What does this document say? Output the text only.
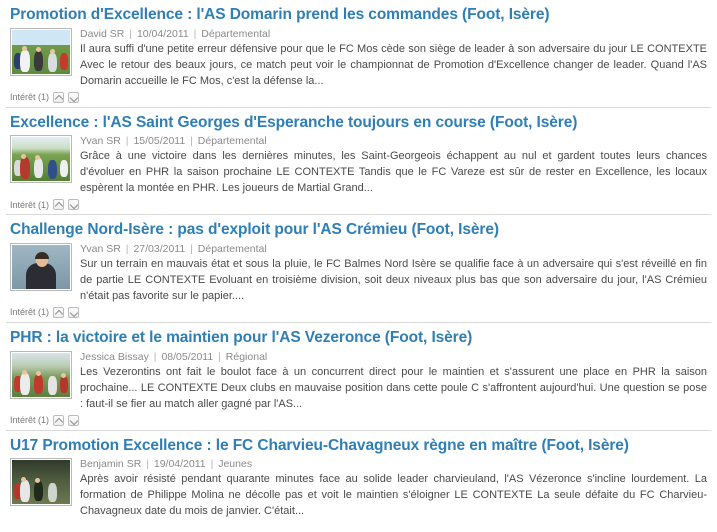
Promotion d'Excellence : l'AS Domarin prend les commandes (Foot, Isère)
David SR | 10/04/2011 | Départemental
Il aura suffi d'une petite erreur défensive pour que le FC Mos cède son siège de leader à son adversaire du jour LE CONTEXTE Avec le retour des beaux jours, ce match peut voir le championnat de Promotion d'Excellence changer de leader. Quand l'AS Domarin accueille le FC Mos, c'est la défense la...
Intérêt (1)
Excellence : l'AS Saint Georges d'Esperanche toujours en course (Foot, Isère)
Yvan SR | 15/05/2011 | Départemental
Grâce à une victoire dans les dernières minutes, les Saint-Georgeois échappent au nul et gardent toutes leurs chances d'évoluer en PHR la saison prochaine LE CONTEXTE Tandis que le FC Vareze est sûr de rester en Excellence, les locaux espèrent la montée en PHR. Les joueurs de Martial Grand...
Intérêt (1)
Challenge Nord-Isère : pas d'exploit pour l'AS Crémieu (Foot, Isère)
Yvan SR | 27/03/2011 | Départemental
Sur un terrain en mauvais état et sous la pluie, le FC Balmes Nord Isère se qualifie face à un adversaire qui s'est réveillé en fin de partie LE CONTEXTE Evoluant en troisième division, soit deux niveaux plus bas que son adversaire du jour, l'AS Crémieu n'était pas favorite sur le papier....
Intérêt (1)
PHR : la victoire et le maintien pour l'AS Vezeronce (Foot, Isère)
Jessica Bissay | 08/05/2011 | Régional
Les Vezerontins ont fait le boulot face à un concurrent direct pour le maintien et s'assurent une place en PHR la saison prochaine... LE CONTEXTE Deux clubs en mauvaise position dans cette poule C s'affrontent aujourd'hui. Une question se pose : faut-il se fier au match aller gagné par l'AS...
Intérêt (1)
U17 Promotion Excellence : le FC Charvieu-Chavagneux règne en maître (Foot, Isère)
Benjamin SR | 19/04/2011 | Jeunes
Après avoir résisté pendant quarante minutes face au solide leader charvieuland, l'AS Vézeronce s'incline lourdement. La formation de Philippe Molina ne décolle pas et voit le maintien s'éloigner LE CONTEXTE La seule défaite du FC Charvieu-Chavagneux date du mois de janvier. C'était...
